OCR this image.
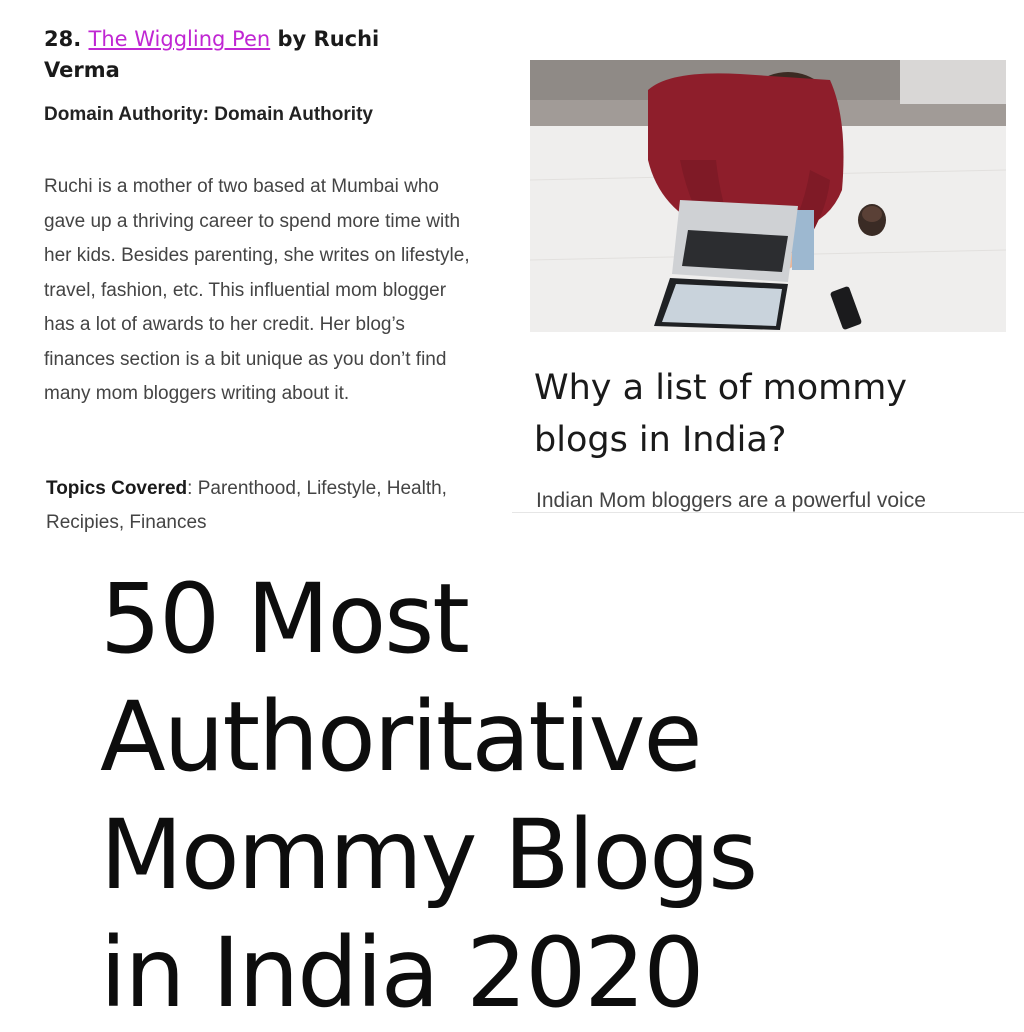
28. The Wiggling Pen by Ruchi Verma

Domain Authority: Domain Authority

Ruchi is a mother of two based at Mumbai who gave up a thriving career to spend more time with her kids. Besides parenting, she writes on lifestyle, travel, fashion, etc. This influential mom blogger has a lot of awards to her credit. Her blog’s finances section is a bit unique as you don’t find many mom bloggers writing about it.

Topics Covered: Parenthood, Lifestyle, Health, Recipies, Finances

Why a list of mommy blogs in India?

Indian Mom bloggers are a powerful voice

50 Most
Authoritative
Mommy Blogs
in India 2020
